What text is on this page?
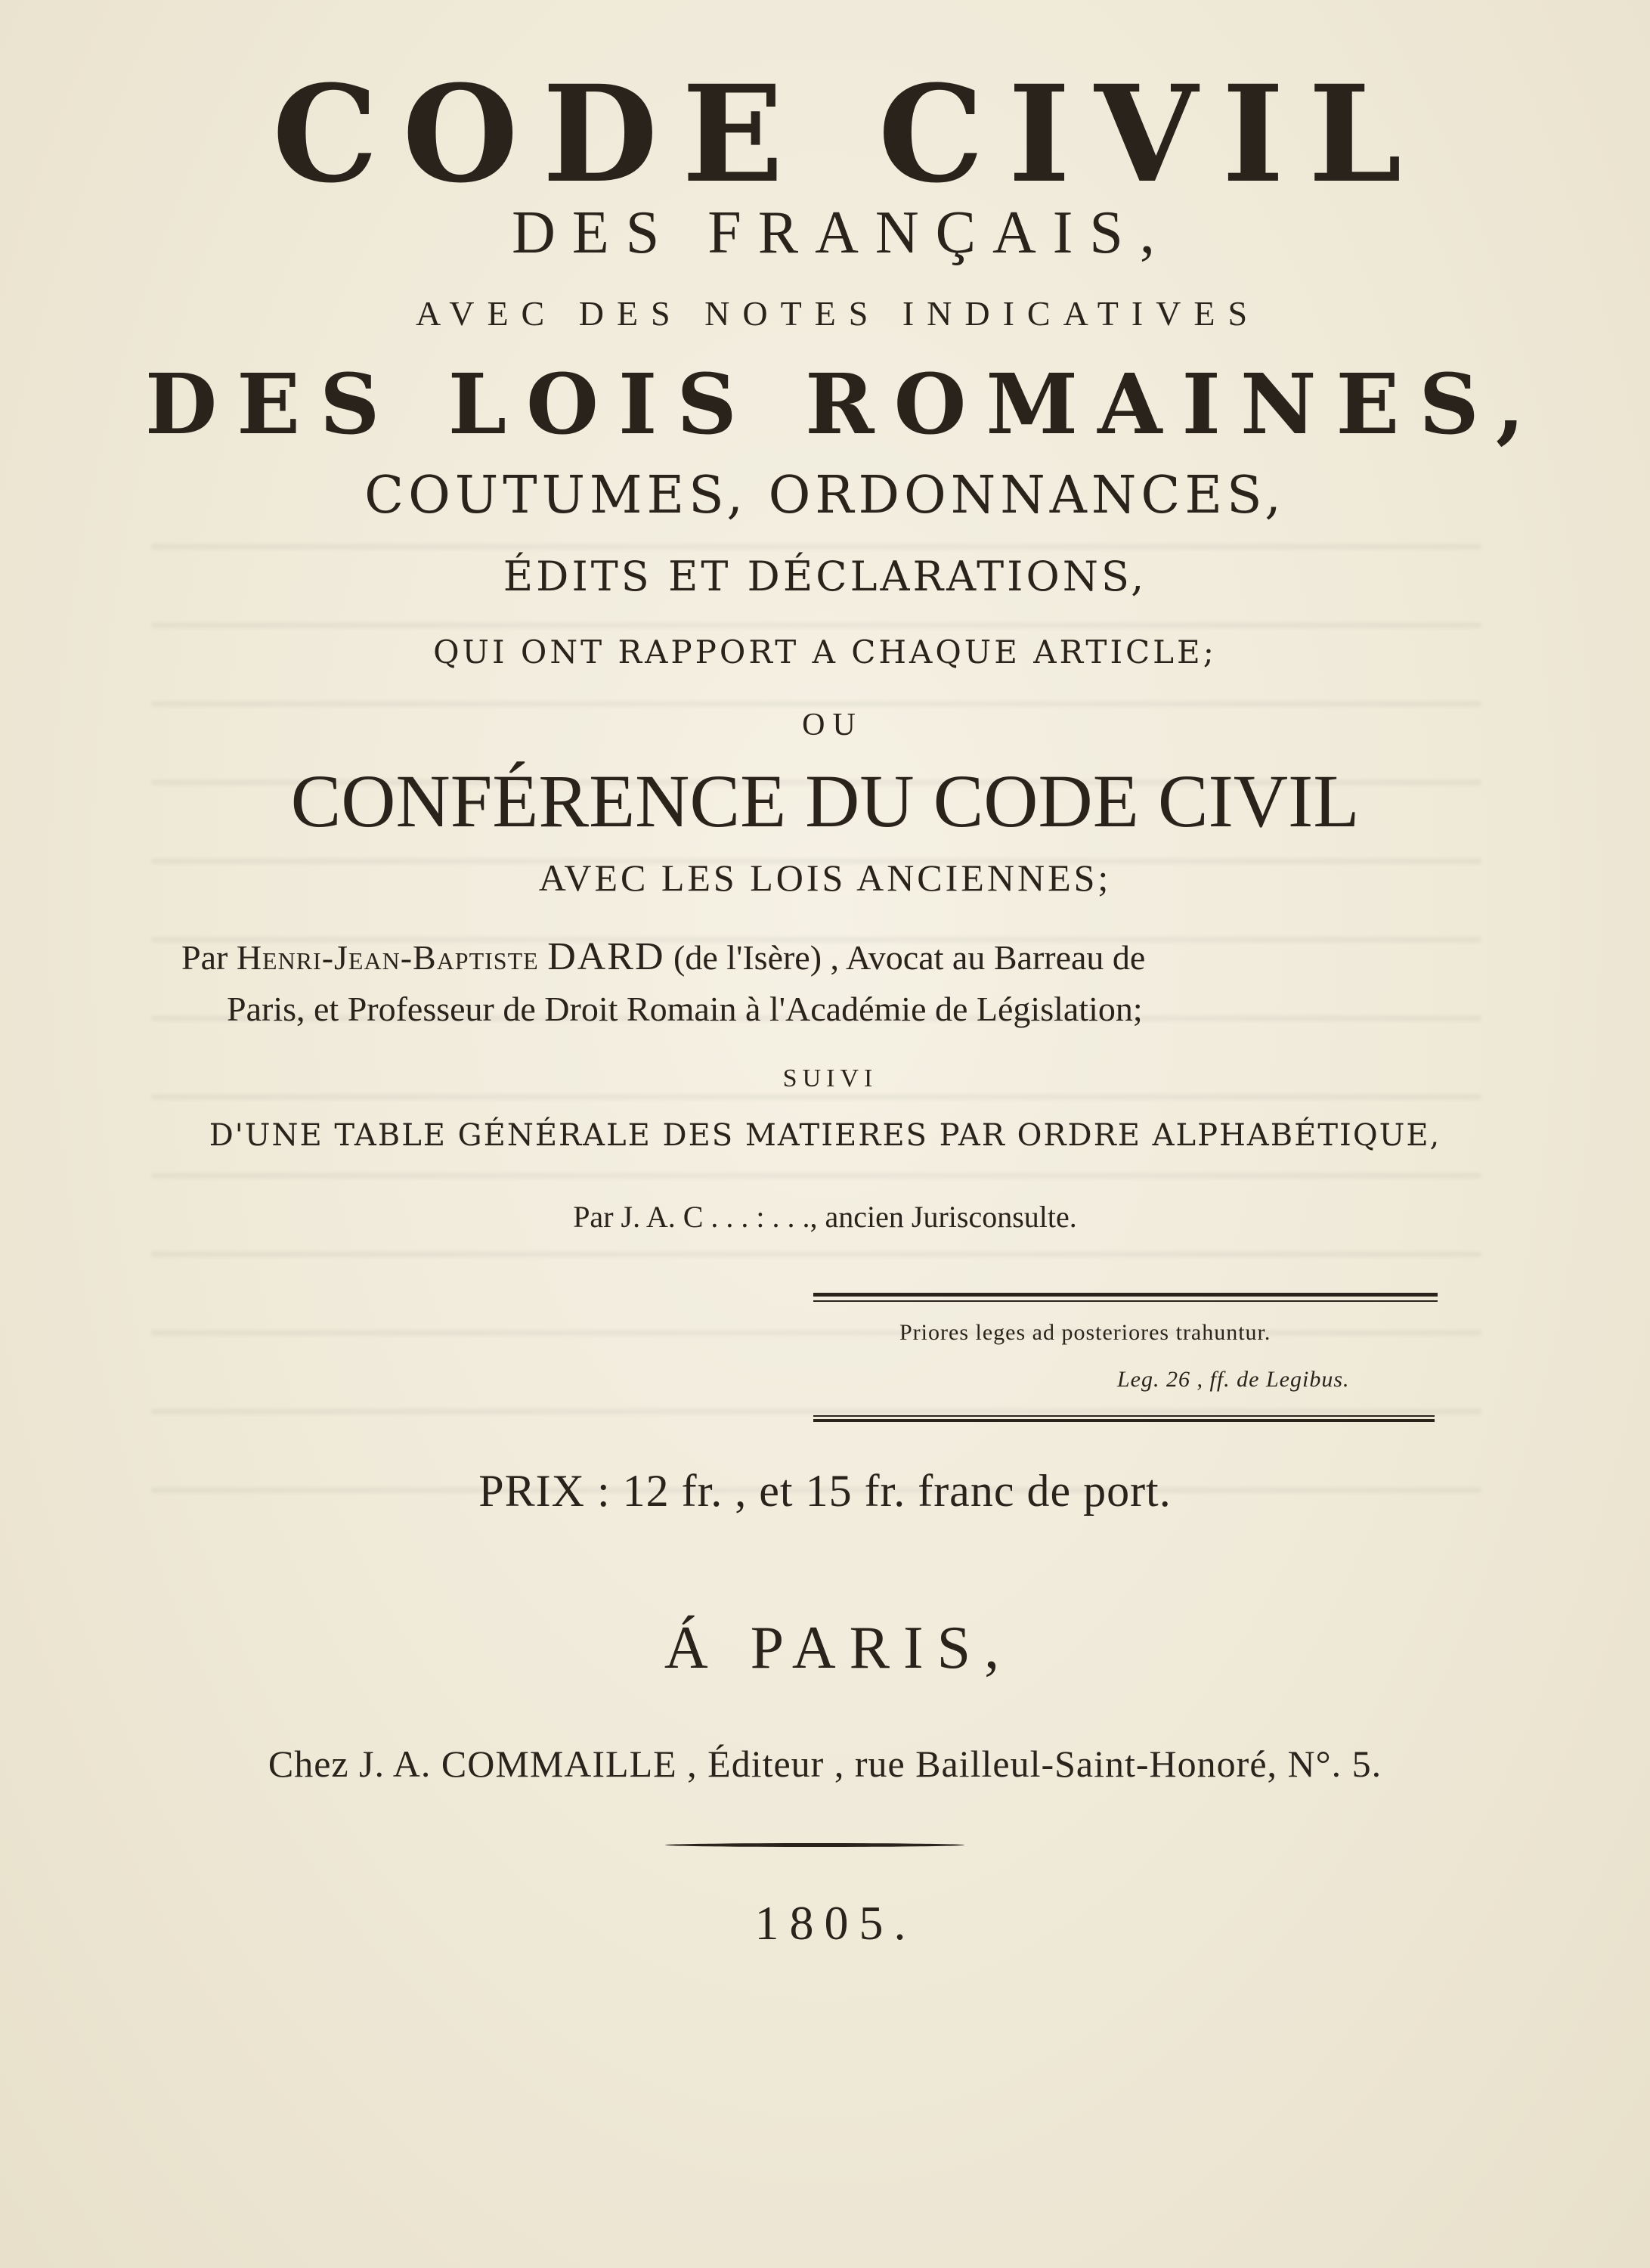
CODE CIVIL
DES FRANÇAIS,
AVEC DES NOTES INDICATIVES
DES LOIS ROMAINES,
COUTUMES, ORDONNANCES,
ÉDITS ET DÉCLARATIONS,
QUI ONT RAPPORT A CHAQUE ARTICLE;
OU
CONFÉRENCE DU CODE CIVIL
AVEC LES LOIS ANCIENNES;
Par Henri-Jean-Baptiste DARD (de l'Isère) , Avocat au Barreau de
Paris, et Professeur de Droit Romain à l'Académie de Législation;
SUIVI
D'UNE TABLE GÉNÉRALE DES MATIERES PAR ORDRE ALPHABÉTIQUE,
Par J. A. C . . . : . . ., ancien Jurisconsulte.
Priores leges ad posteriores trahuntur.
Leg. 26 , ff. de Legibus.
PRIX : 12 fr. , et 15 fr. franc de port.
Á PARIS,
Chez J. A. COMMAILLE , Éditeur , rue Bailleul-Saint-Honoré, N°. 5.
1805.
